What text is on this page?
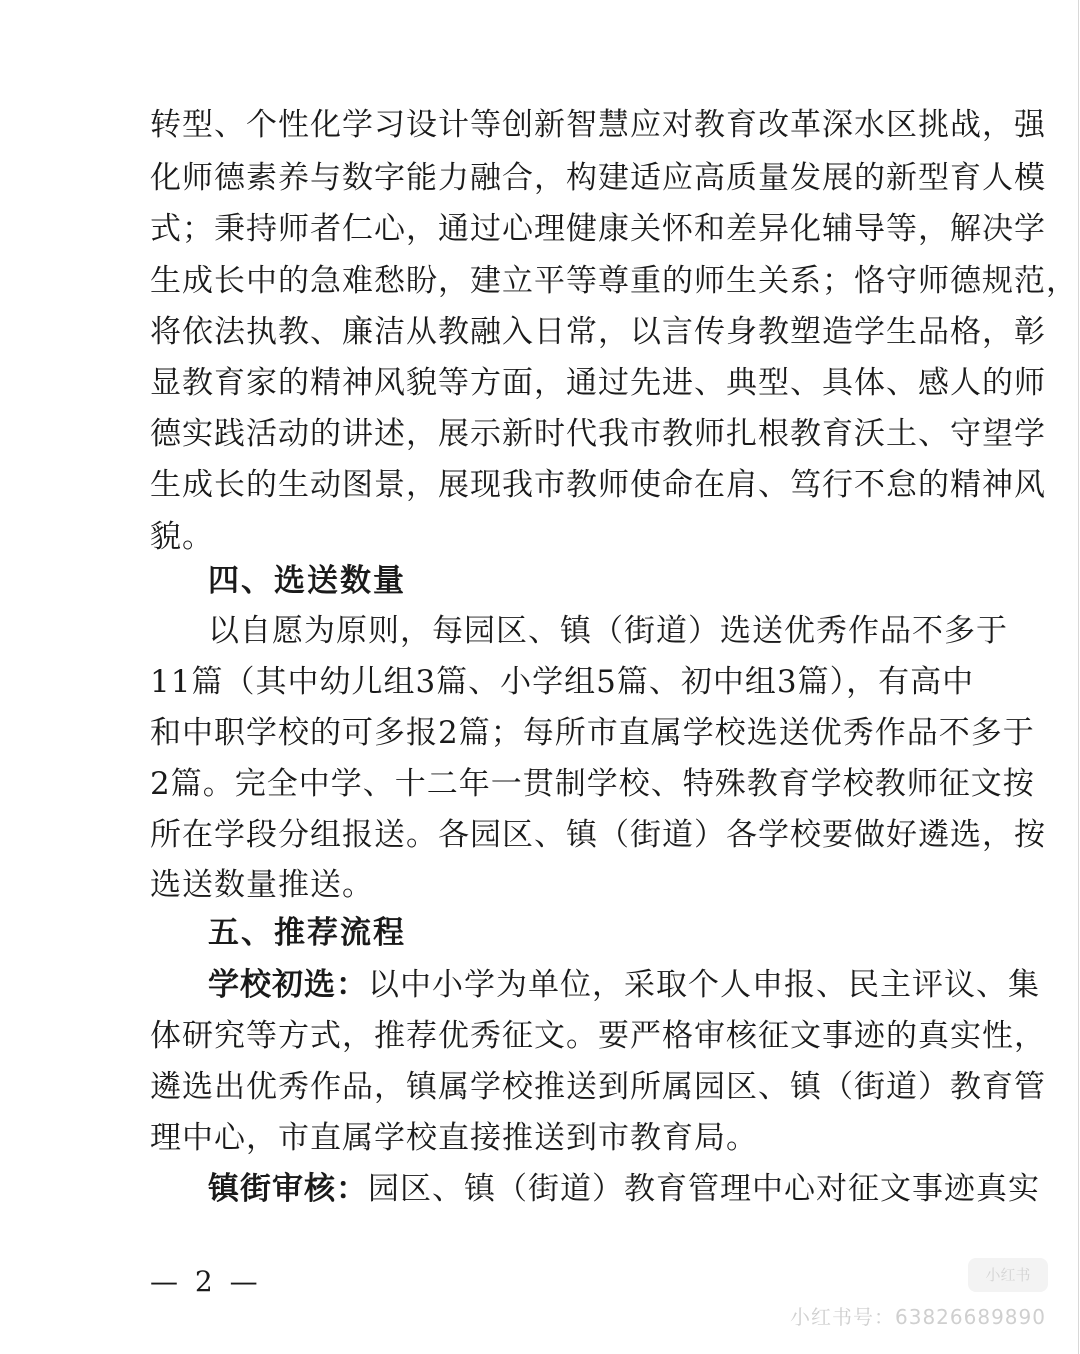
转型、个性化学习设计等创新智慧应对教育改革深水区挑战，强
化师德素养与数字能力融合，构建适应高质量发展的新型育人模
式；秉持师者仁心，通过心理健康关怀和差异化辅导等，解决学
生成长中的急难愁盼，建立平等尊重的师生关系；恪守师德规范，
将依法执教、廉洁从教融入日常，以言传身教塑造学生品格，彰
显教育家的精神风貌等方面，通过先进、典型、具体、感人的师
德实践活动的讲述，展示新时代我市教师扎根教育沃土、守望学
生成长的生动图景，展现我市教师使命在肩、笃行不怠的精神风
貌。
四、选送数量
以自愿为原则，每园区、镇（街道）选送优秀作品不多于
11篇（其中幼儿组3篇、小学组5篇、初中组3篇），有高中
和中职学校的可多报2篇；每所市直属学校选送优秀作品不多于
2篇。完全中学、十二年一贯制学校、特殊教育学校教师征文按
所在学段分组报送。各园区、镇（街道）各学校要做好遴选，按
选送数量推送。
五、推荐流程
学校初选：以中小学为单位，采取个人申报、民主评议、集
体研究等方式，推荐优秀征文。要严格审核征文事迹的真实性，
遴选出优秀作品，镇属学校推送到所属园区、镇（街道）教育管
理中心，市直属学校直接推送到市教育局。
镇街审核：园区、镇（街道）教育管理中心对征文事迹真实
— 2 —	小红书
小红书号：63826689890
